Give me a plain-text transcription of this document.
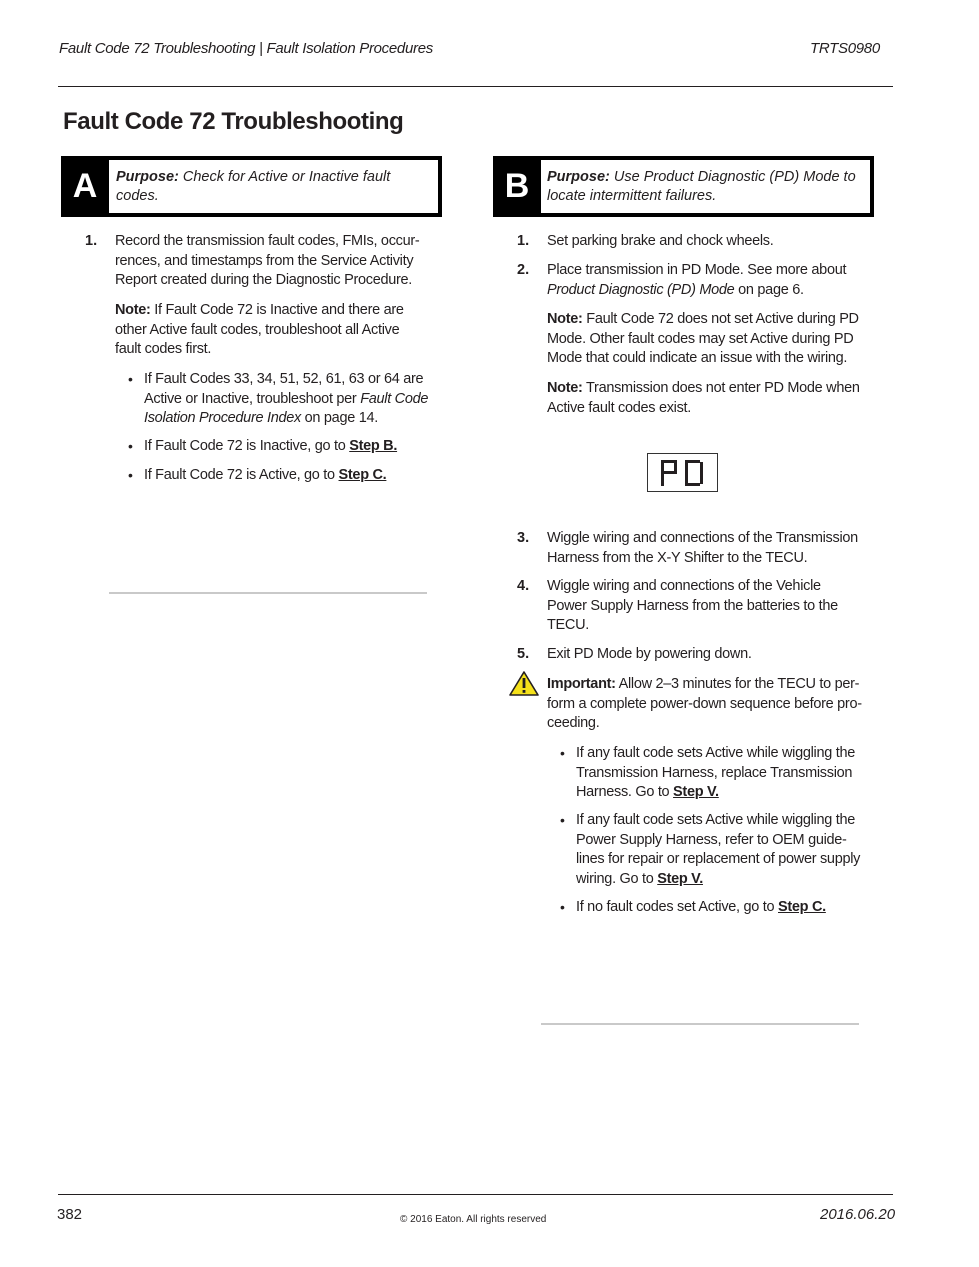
Fault Code 72 Troubleshooting | Fault Isolation Procedures	TRTS0980
Fault Code 72 Troubleshooting
A	Purpose: Check for Active or Inactive fault codes.
1. Record the transmission fault codes, FMIs, occur-
rences, and timestamps from the Service Activity
Report created during the Diagnostic Procedure.
Note: If Fault Code 72 is Inactive and there are
other Active fault codes, troubleshoot all Active
fault codes first.
• If Fault Codes 33, 34, 51, 52, 61, 63 or 64 are
Active or Inactive, troubleshoot per Fault Code
Isolation Procedure Index on page 14.
• If Fault Code 72 is Inactive, go to Step B.
• If Fault Code 72 is Active, go to Step C.
B	Purpose: Use Product Diagnostic (PD) Mode to
locate intermittent failures.
1. Set parking brake and chock wheels.
2. Place transmission in PD Mode. See more about
Product Diagnostic (PD) Mode on page 6.
Note: Fault Code 72 does not set Active during PD
Mode. Other fault codes may set Active during PD
Mode that could indicate an issue with the wiring.
Note: Transmission does not enter PD Mode when
Active fault codes exist.
3. Wiggle wiring and connections of the Transmission
Harness from the X-Y Shifter to the TECU.
4. Wiggle wiring and connections of the Vehicle
Power Supply Harness from the batteries to the
TECU.
5. Exit PD Mode by powering down.
Important: Allow 2–3 minutes for the TECU to per-
form a complete power-down sequence before pro-
ceeding.
• If any fault code sets Active while wiggling the
Transmission Harness, replace Transmission
Harness. Go to Step V.
• If any fault code sets Active while wiggling the
Power Supply Harness, refer to OEM guide-
lines for repair or replacement of power supply
wiring. Go to Step V.
• If no fault codes set Active, go to Step C.
382	© 2016 Eaton. All rights reserved	2016.06.20
